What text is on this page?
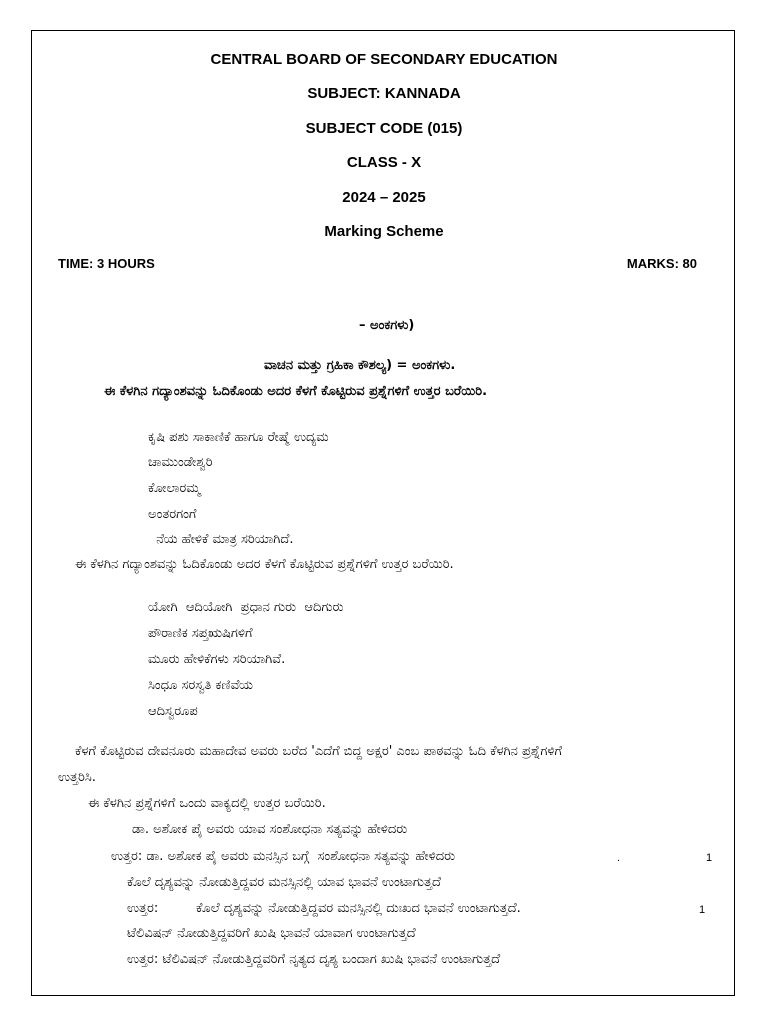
CENTRAL BOARD OF SECONDARY EDUCATION
SUBJECT: KANNADA
SUBJECT CODE (015)
CLASS - X
2024 – 2025
Marking Scheme
TIME: 3 HOURS	MARKS: 80
– ಅಂಕಗಳು)
ವಾಚನ ಮತ್ತು ಗ್ರಹಿಕಾ ಕೌಶಲ್ಯ) = ಅಂಕಗಳು.
ಈ ಕೆಳಗಿನ ಗದ್ಯಾಂಶವನ್ನು ಓದಿಕೊಂಡು ಅದರ ಕೆಳಗೆ ಕೊಟ್ಟಿರುವ ಪ್ರಶ್ನೆಗಳಿಗೆ ಉತ್ತರ ಬರೆಯಿರಿ.
ಕೃಷಿ ಪಶು ಸಾಕಾಣಿಕೆ ಹಾಗೂ ರೇಷ್ಮೆ ಉದ್ಯಮ
ಚಾಮುಂಡೇಶ್ವರಿ
ಕೋಲಾರಮ್ಮ
ಅಂತರಗಂಗೆ
ನೆಯ ಹೇಳಿಕೆ ಮಾತ್ರ ಸರಿಯಾಗಿದೆ.
ಈ ಕೆಳಗಿನ ಗದ್ಯಾಂಶವನ್ನು ಓದಿಕೊಂಡು ಅದರ ಕೆಳಗೆ ಕೊಟ್ಟಿರುವ ಪ್ರಶ್ನೆಗಳಿಗೆ ಉತ್ತರ ಬರೆಯಿರಿ.
ಯೋಗಿ  ಆದಿಯೋಗಿ  ಪ್ರಧಾನ ಗುರು  ಆದಿಗುರು
ಪೌರಾಣಿಕ ಸಪ್ತಋಷಿಗಳಿಗೆ
ಮೂರು ಹೇಳಿಕೆಗಳು ಸರಿಯಾಗಿವೆ.
ಸಿಂಧೂ ಸರಸ್ವತಿ ಕಣಿವೆಯ
ಆದಿಸ್ವರೂಪ
ಕೆಳಗೆ ಕೊಟ್ಟಿರುವ ದೇವನೂರು ಮಹಾದೇವ ಅವರು ಬರೆದ 'ಎದೆಗೆ ಬಿದ್ದ ಅಕ್ಷರ' ಎಂಬ ಪಾಠವನ್ನು ಓದಿ ಕೆಳಗಿನ ಪ್ರಶ್ನೆಗಳಿಗೆ
ಉತ್ತರಿಸಿ.
ಈ ಕೆಳಗಿನ ಪ್ರಶ್ನೆಗಳಿಗೆ ಒಂದು ವಾಕ್ಯದಲ್ಲಿ ಉತ್ತರ ಬರೆಯಿರಿ.
ಡಾ. ಅಶೋಕ ಪೈ ಅವರು ಯಾವ ಸಂಶೋಧನಾ ಸತ್ಯವನ್ನು ಹೇಳಿದರು
ಉತ್ತರ: ಡಾ. ಅಶೋಕ ಪೈ ಅವರು ಮನಸ್ಸಿನ ಬಗ್ಗೆ  ಸಂಶೋಧನಾ ಸತ್ಯವನ್ನು ಹೇಳಿದರು	.	1
ಕೊಲೆ ದೃಶ್ಯವನ್ನು ನೋಡುತ್ತಿದ್ದವರ ಮನಸ್ಸಿನಲ್ಲಿ ಯಾವ ಭಾವನೆ ಉಂಟಾಗುತ್ತದೆ
ಉತ್ತರ:	ಕೊಲೆ ದೃಶ್ಯವನ್ನು ನೋಡುತ್ತಿದ್ದವರ ಮನಸ್ಸಿನಲ್ಲಿ ದುಃಖದ ಭಾವನೆ ಉಂಟಾಗುತ್ತದೆ.	1
ಟೆಲಿವಿಷನ್ ನೋಡುತ್ತಿದ್ದವರಿಗೆ ಖುಷಿ ಭಾವನೆ ಯಾವಾಗ ಉಂಟಾಗುತ್ತದೆ
ಉತ್ತರ: ಟೆಲಿವಿಷನ್ ನೋಡುತ್ತಿದ್ದವರಿಗೆ ನೃತ್ಯದ ದೃಶ್ಯ ಬಂದಾಗ ಖುಷಿ ಭಾವನೆ ಉಂಟಾಗುತ್ತದೆ
